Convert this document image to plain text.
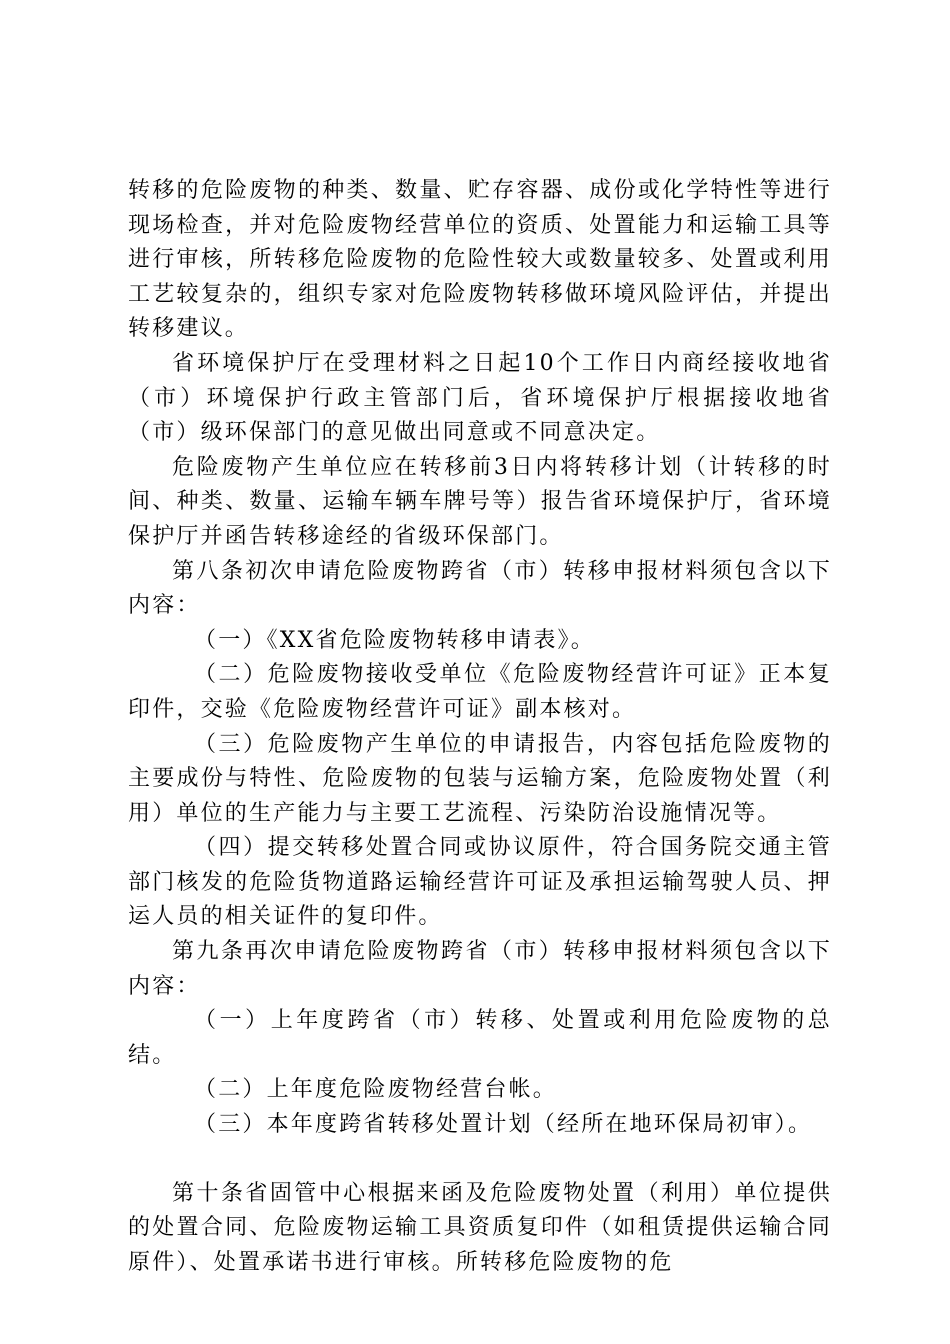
转移的危险废物的种类、数量、贮存容器、成份或化学特性等进行现场检查，并对危险废物经营单位的资质、处置能力和运输工具等进行审核，所转移危险废物的危险性较大或数量较多、处置或利用工艺较复杂的，组织专家对危险废物转移做环境风险评估，并提出转移建议。

省环境保护厅在受理材料之日起10个工作日内商经接收地省（市）环境保护行政主管部门后，省环境保护厅根据接收地省（市）级环保部门的意见做出同意或不同意决定。

危险废物产生单位应在转移前3日内将转移计划（计转移的时间、种类、数量、运输车辆车牌号等）报告省环境保护厅，省环境保护厅并函告转移途经的省级环保部门。

第八条初次申请危险废物跨省（市）转移申报材料须包含以下内容：

（一）《XX省危险废物转移申请表》。

（二）危险废物接收受单位《危险废物经营许可证》正本复印件，交验《危险废物经营许可证》副本核对。

（三）危险废物产生单位的申请报告，内容包括危险废物的主要成份与特性、危险废物的包装与运输方案，危险废物处置（利用）单位的生产能力与主要工艺流程、污染防治设施情况等。

（四）提交转移处置合同或协议原件，符合国务院交通主管部门核发的危险货物道路运输经营许可证及承担运输驾驶人员、押运人员的相关证件的复印件。

第九条再次申请危险废物跨省（市）转移申报材料须包含以下内容：

（一）上年度跨省（市）转移、处置或利用危险废物的总结。

（二）上年度危险废物经营台帐。

（三）本年度跨省转移处置计划（经所在地环保局初审）。

第十条省固管中心根据来函及危险废物处置（利用）单位提供的处置合同、危险废物运输工具资质复印件（如租赁提供运输合同原件）、处置承诺书进行审核。所转移危险废物的危
